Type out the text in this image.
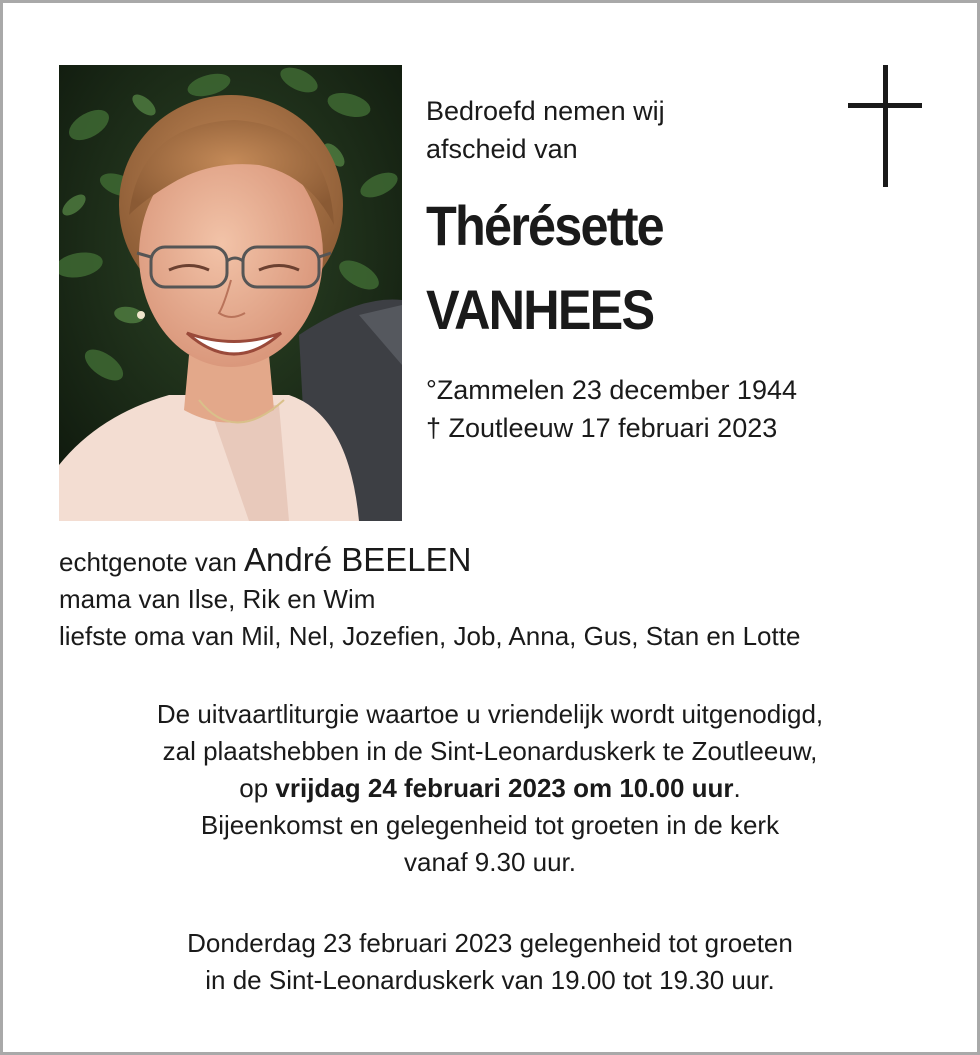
Bedroefd nemen wij
afscheid van
Thérésette
VANHEES
°Zammelen 23 december 1944
† Zoutleeuw 17 februari 2023
echtgenote van André BEELEN
mama van Ilse, Rik en Wim
liefste oma van Mil, Nel, Jozefien, Job, Anna, Gus, Stan en Lotte
De uitvaartliturgie waartoe u vriendelijk wordt uitgenodigd,
zal plaatshebben in de Sint-Leonarduskerk te Zoutleeuw,
op vrijdag 24 februari 2023 om 10.00 uur.
Bijeenkomst en gelegenheid tot groeten in de kerk
vanaf 9.30 uur.
Donderdag 23 februari 2023 gelegenheid tot groeten
in de Sint-Leonarduskerk van 19.00 tot 19.30 uur.
